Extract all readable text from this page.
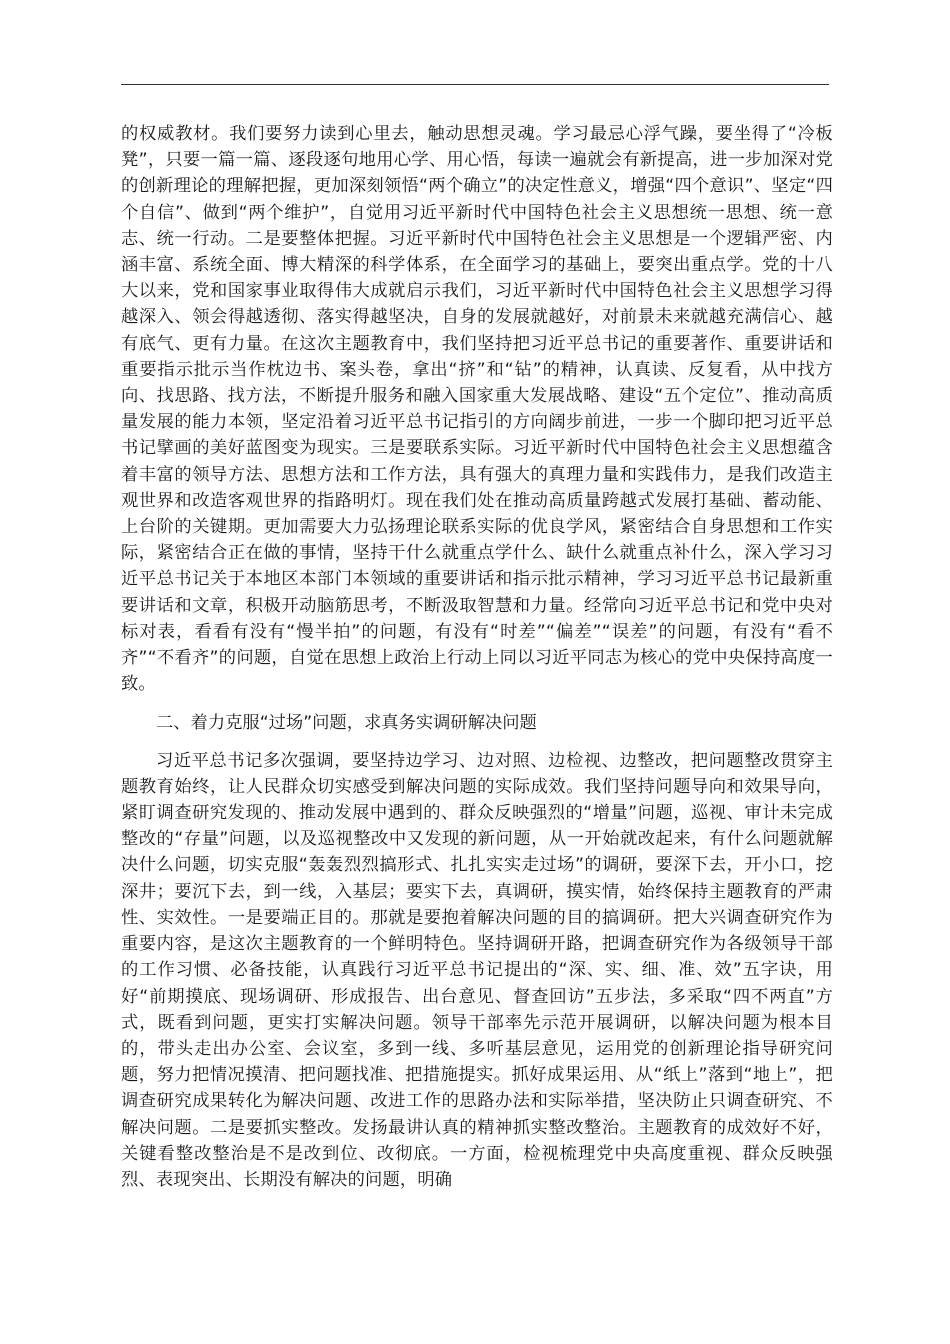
的权威教材。我们要努力读到心里去，触动思想灵魂。学习最忌心浮气躁，要坐得了“冷板凳”，只要一篇一篇、逐段逐句地用心学、用心悟，每读一遍就会有新提高，进一步加深对党的创新理论的理解把握，更加深刻领悟“两个确立”的决定性意义，增强“四个意识”、坚定“四个自信”、做到“两个维护”，自觉用习近平新时代中国特色社会主义思想统一思想、统一意志、统一行动。二是要整体把握。习近平新时代中国特色社会主义思想是一个逻辑严密、内涵丰富、系统全面、博大精深的科学体系，在全面学习的基础上，要突出重点学。党的十八大以来，党和国家事业取得伟大成就启示我们，习近平新时代中国特色社会主义思想学习得越深入、领会得越透彻、落实得越坚决，自身的发展就越好，对前景未来就越充满信心、越有底气、更有力量。在这次主题教育中，我们坚持把习近平总书记的重要著作、重要讲话和重要指示批示当作枕边书、案头卷，拿出“挤”和“钻”的精神，认真读、反复看，从中找方向、找思路、找方法，不断提升服务和融入国家重大发展战略、建设“五个定位”、推动高质量发展的能力本领，坚定沿着习近平总书记指引的方向阔步前进，一步一个脚印把习近平总书记擘画的美好蓝图变为现实。三是要联系实际。习近平新时代中国特色社会主义思想蕴含着丰富的领导方法、思想方法和工作方法，具有强大的真理力量和实践伟力，是我们改造主观世界和改造客观世界的指路明灯。现在我们处在推动高质量跨越式发展打基础、蓄动能、上台阶的关键期。更加需要大力弘扬理论联系实际的优良学风，紧密结合自身思想和工作实际，紧密结合正在做的事情，坚持干什么就重点学什么、缺什么就重点补什么，深入学习习近平总书记关于本地区本部门本领域的重要讲话和指示批示精神，学习习近平总书记最新重要讲话和文章，积极开动脑筋思考，不断汲取智慧和力量。经常向习近平总书记和党中央对标对表，看看有没有“慢半拍”的问题，有没有“时差”“偏差”“误差”的问题，有没有“看不齐”“不看齐”的问题，自觉在思想上政治上行动上同以习近平同志为核心的党中央保持高度一致。

二、着力克服“过场”问题，求真务实调研解决问题

习近平总书记多次强调，要坚持边学习、边对照、边检视、边整改，把问题整改贯穿主题教育始终，让人民群众切实感受到解决问题的实际成效。我们坚持问题导向和效果导向，紧盯调查研究发现的、推动发展中遇到的、群众反映强烈的“增量”问题，巡视、审计未完成整改的“存量”问题，以及巡视整改中又发现的新问题，从一开始就改起来，有什么问题就解决什么问题，切实克服“轰轰烈烈搞形式、扎扎实实走过场”的调研，要深下去，开小口，挖深井；要沉下去，到一线，入基层；要实下去，真调研，摸实情，始终保持主题教育的严肃性、实效性。一是要端正目的。那就是要抱着解决问题的目的搞调研。把大兴调查研究作为重要内容，是这次主题教育的一个鲜明特色。坚持调研开路，把调查研究作为各级领导干部的工作习惯、必备技能，认真践行习近平总书记提出的“深、实、细、准、效”五字诀，用好“前期摸底、现场调研、形成报告、出台意见、督查回访”五步法，多采取“四不两直”方式，既看到问题，更实打实解决问题。领导干部率先示范开展调研，以解决问题为根本目的，带头走出办公室、会议室，多到一线、多听基层意见，运用党的创新理论指导研究问题，努力把情况摸清、把问题找准、把措施提实。抓好成果运用、从“纸上”落到“地上”，把调查研究成果转化为解决问题、改进工作的思路办法和实际举措，坚决防止只调查研究、不解决问题。二是要抓实整改。发扬最讲认真的精神抓实整改整治。主题教育的成效好不好，关键看整改整治是不是改到位、改彻底。一方面，检视梳理党中央高度重视、群众反映强烈、表现突出、长期没有解决的问题，明确
